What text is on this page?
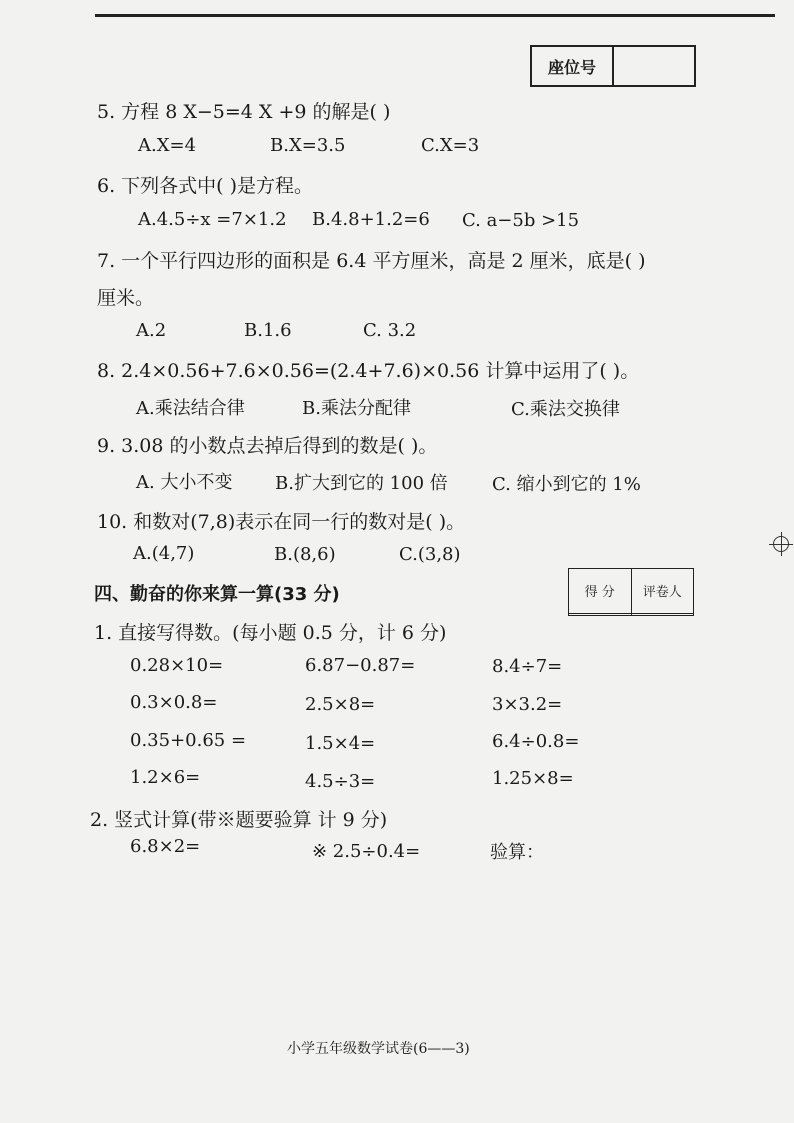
座位号
5. 方程 8 X−5=4 X +9 的解是( )
A.X=4	B.X=3.5	C.X=3
6. 下列各式中( )是方程。
A.4.5÷x =7×1.2 B.4.8+1.2=6 C. a−5b >15
7. 一个平行四边形的面积是 6.4 平方厘米，高是 2 厘米，底是( )
厘米。
A.2	B.1.6	C. 3.2
8. 2.4×0.56+7.6×0.56=(2.4+7.6)×0.56 计算中运用了( )。
A.乘法结合律	B.乘法分配律	C.乘法交换律
9. 3.08 的小数点去掉后得到的数是( )。
A. 大小不变 B.扩大到它的 100 倍 C. 缩小到它的 1%
10. 和数对(7,8)表示在同一行的数对是( )。
A.(4,7)	B.(8,6)	C.(3,8)
四、勤奋的你来算一算(33 分)	得 分	评卷人

1. 直接写得数。(每小题 0.5 分，计 6 分)
0.28×10=	6.87−0.87=	8.4÷7=
0.3×0.8=	2.5×8=	3×3.2=
0.35+0.65 =	1.5×4=	6.4÷0.8=
1.2×6=	4.5÷3=	1.25×8=
2. 竖式计算(带※题要验算 计 9 分)
6.8×2=	※ 2.5÷0.4=	验算：
小学五年级数学试卷(6——3)
